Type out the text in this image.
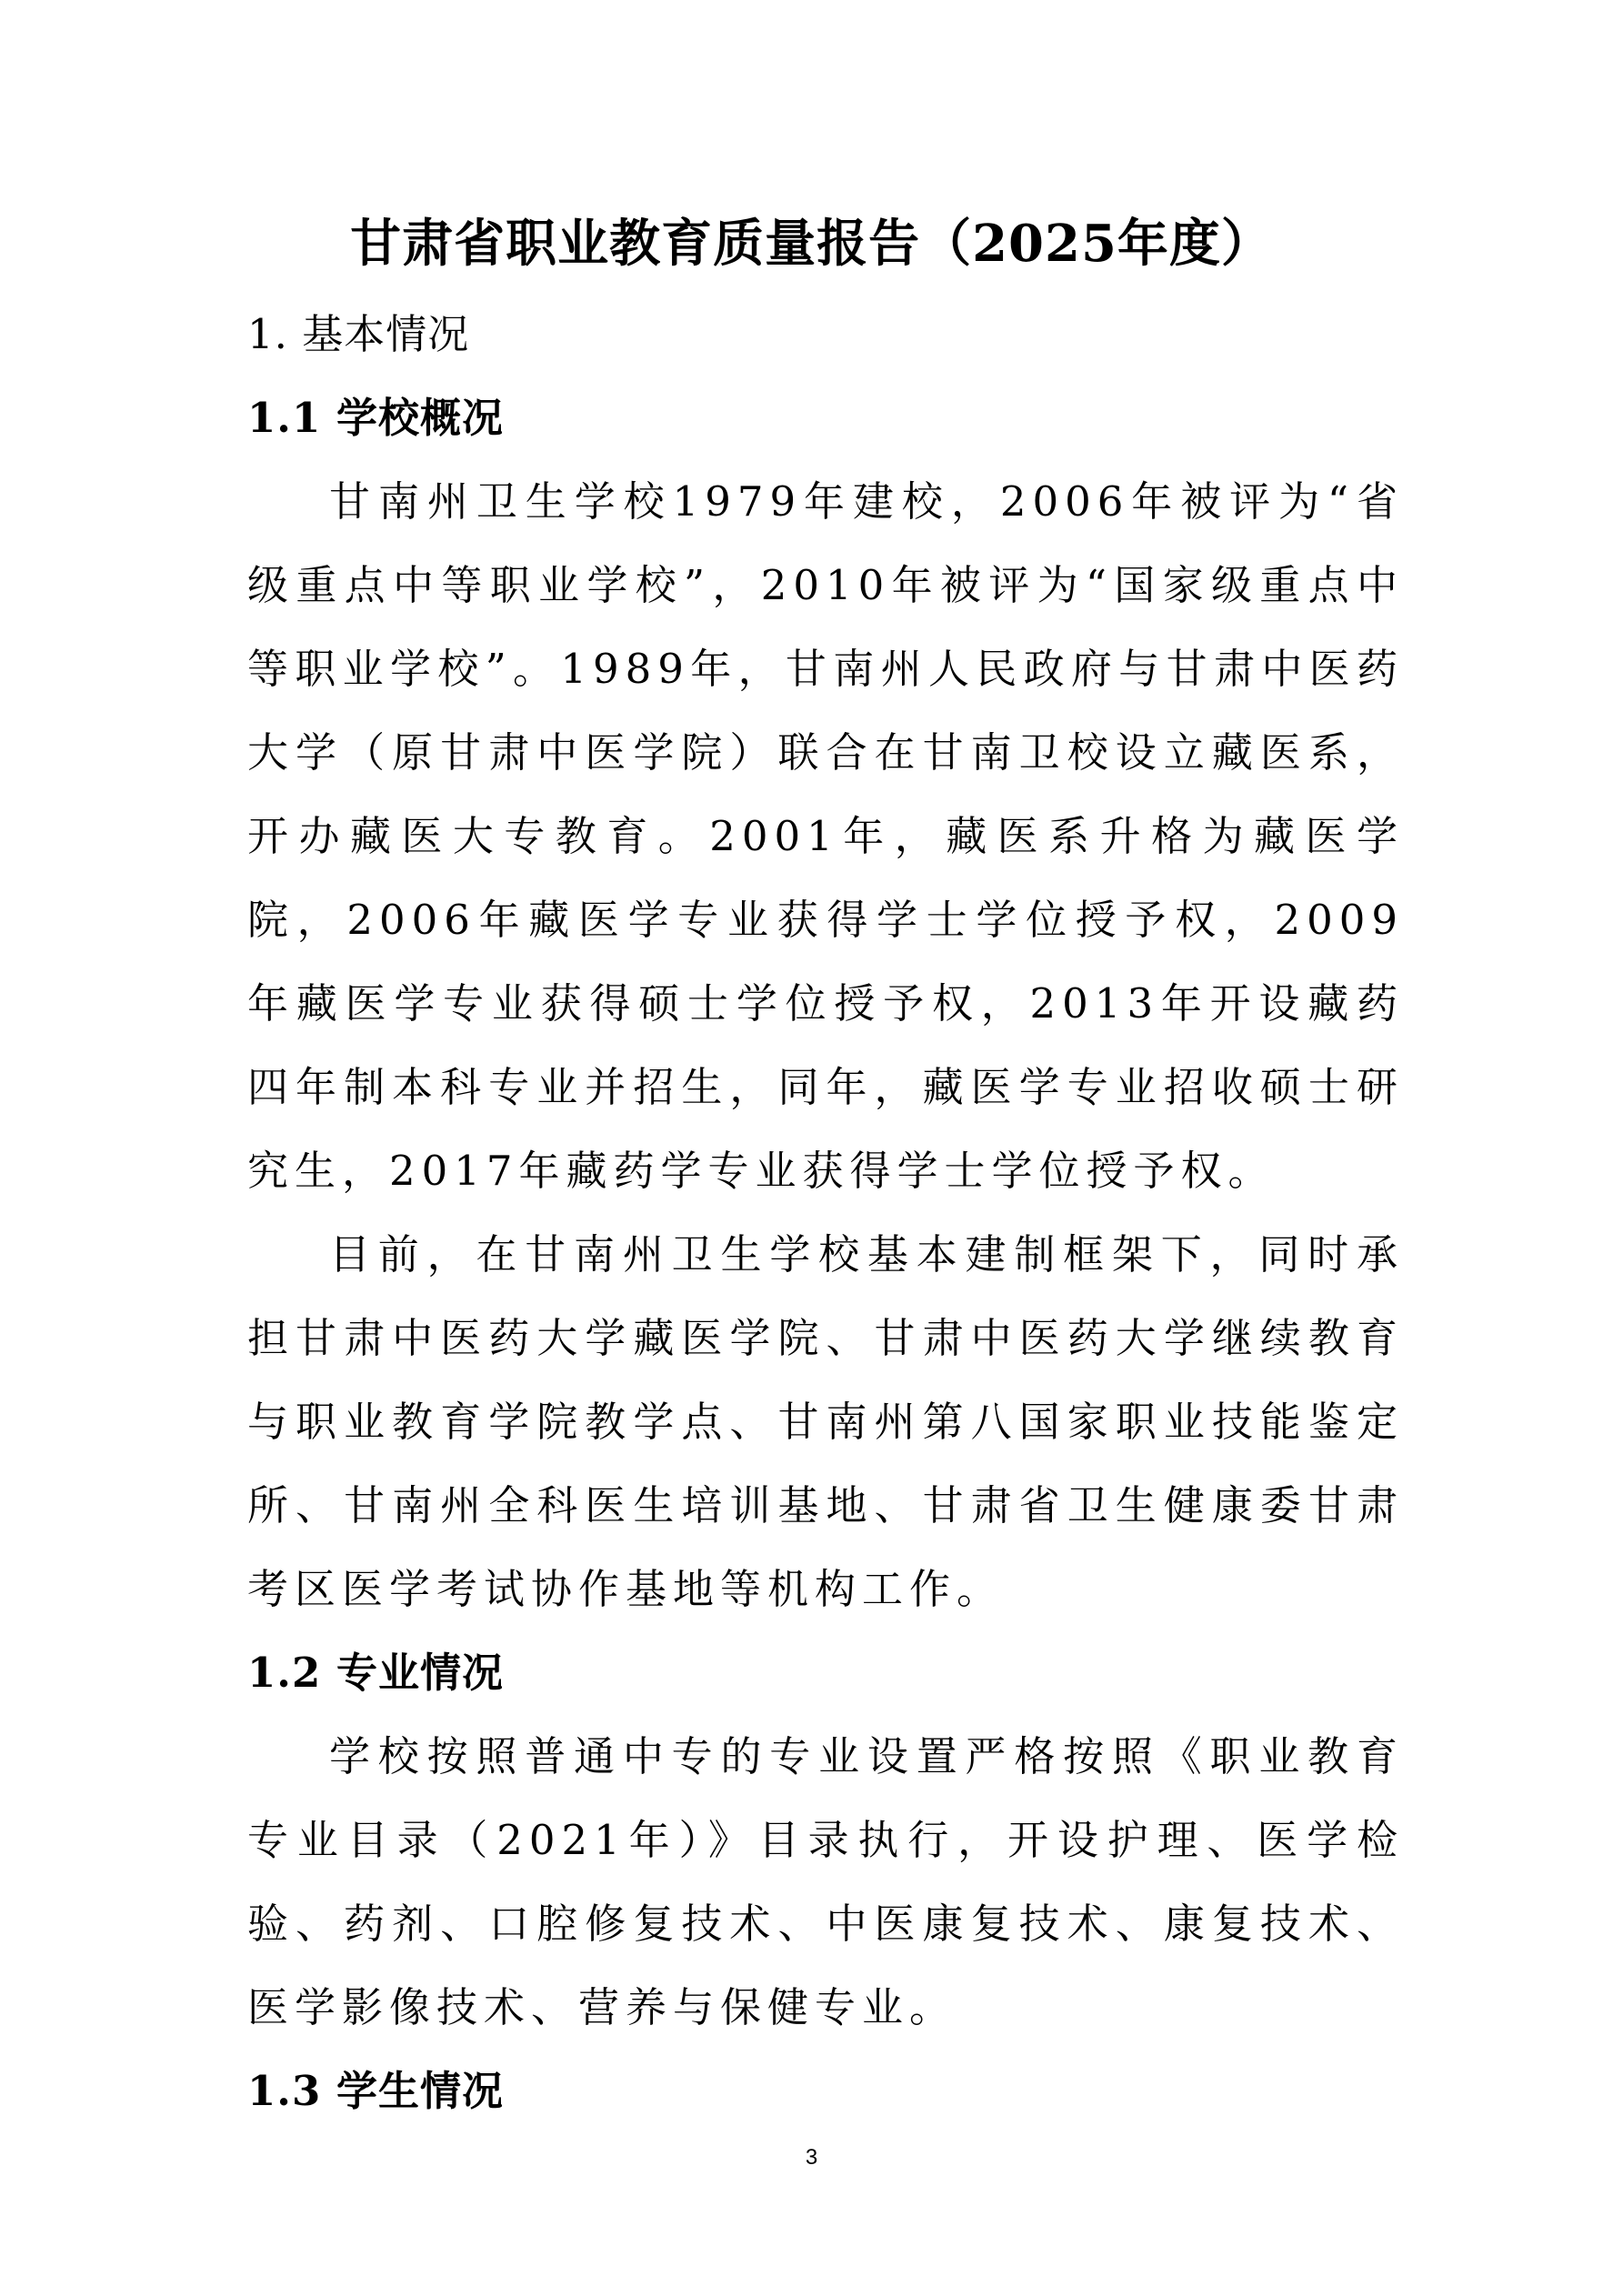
甘肃省职业教育质量报告（2025年度）
1. 基本情况
1.1 学校概况

甘南州卫生学校1979年建校，2006年被评为“省级重点中等职业学校”，2010年被评为“国家级重点中等职业学校”。1989年，甘南州人民政府与甘肃中医药大学（原甘肃中医学院）联合在甘南卫校设立藏医系，开办藏医大专教育。2001年，藏医系升格为藏医学院，2006年藏医学专业获得学士学位授予权，2009年藏医学专业获得硕士学位授予权，2013年开设藏药四年制本科专业并招生，同年，藏医学专业招收硕士研究生，2017年藏药学专业获得学士学位授予权。

目前，在甘南州卫生学校基本建制框架下，同时承担甘肃中医药大学藏医学院、甘肃中医药大学继续教育与职业教育学院教学点、甘南州第八国家职业技能鉴定所、甘南州全科医生培训基地、甘肃省卫生健康委甘肃考区医学考试协作基地等机构工作。

1.2 专业情况

学校按照普通中专的专业设置严格按照《职业教育专业目录（2021年）》目录执行，开设护理、医学检验、药剂、口腔修复技术、中医康复技术、康复技术、医学影像技术、营养与保健专业。

1.3 学生情况
3
